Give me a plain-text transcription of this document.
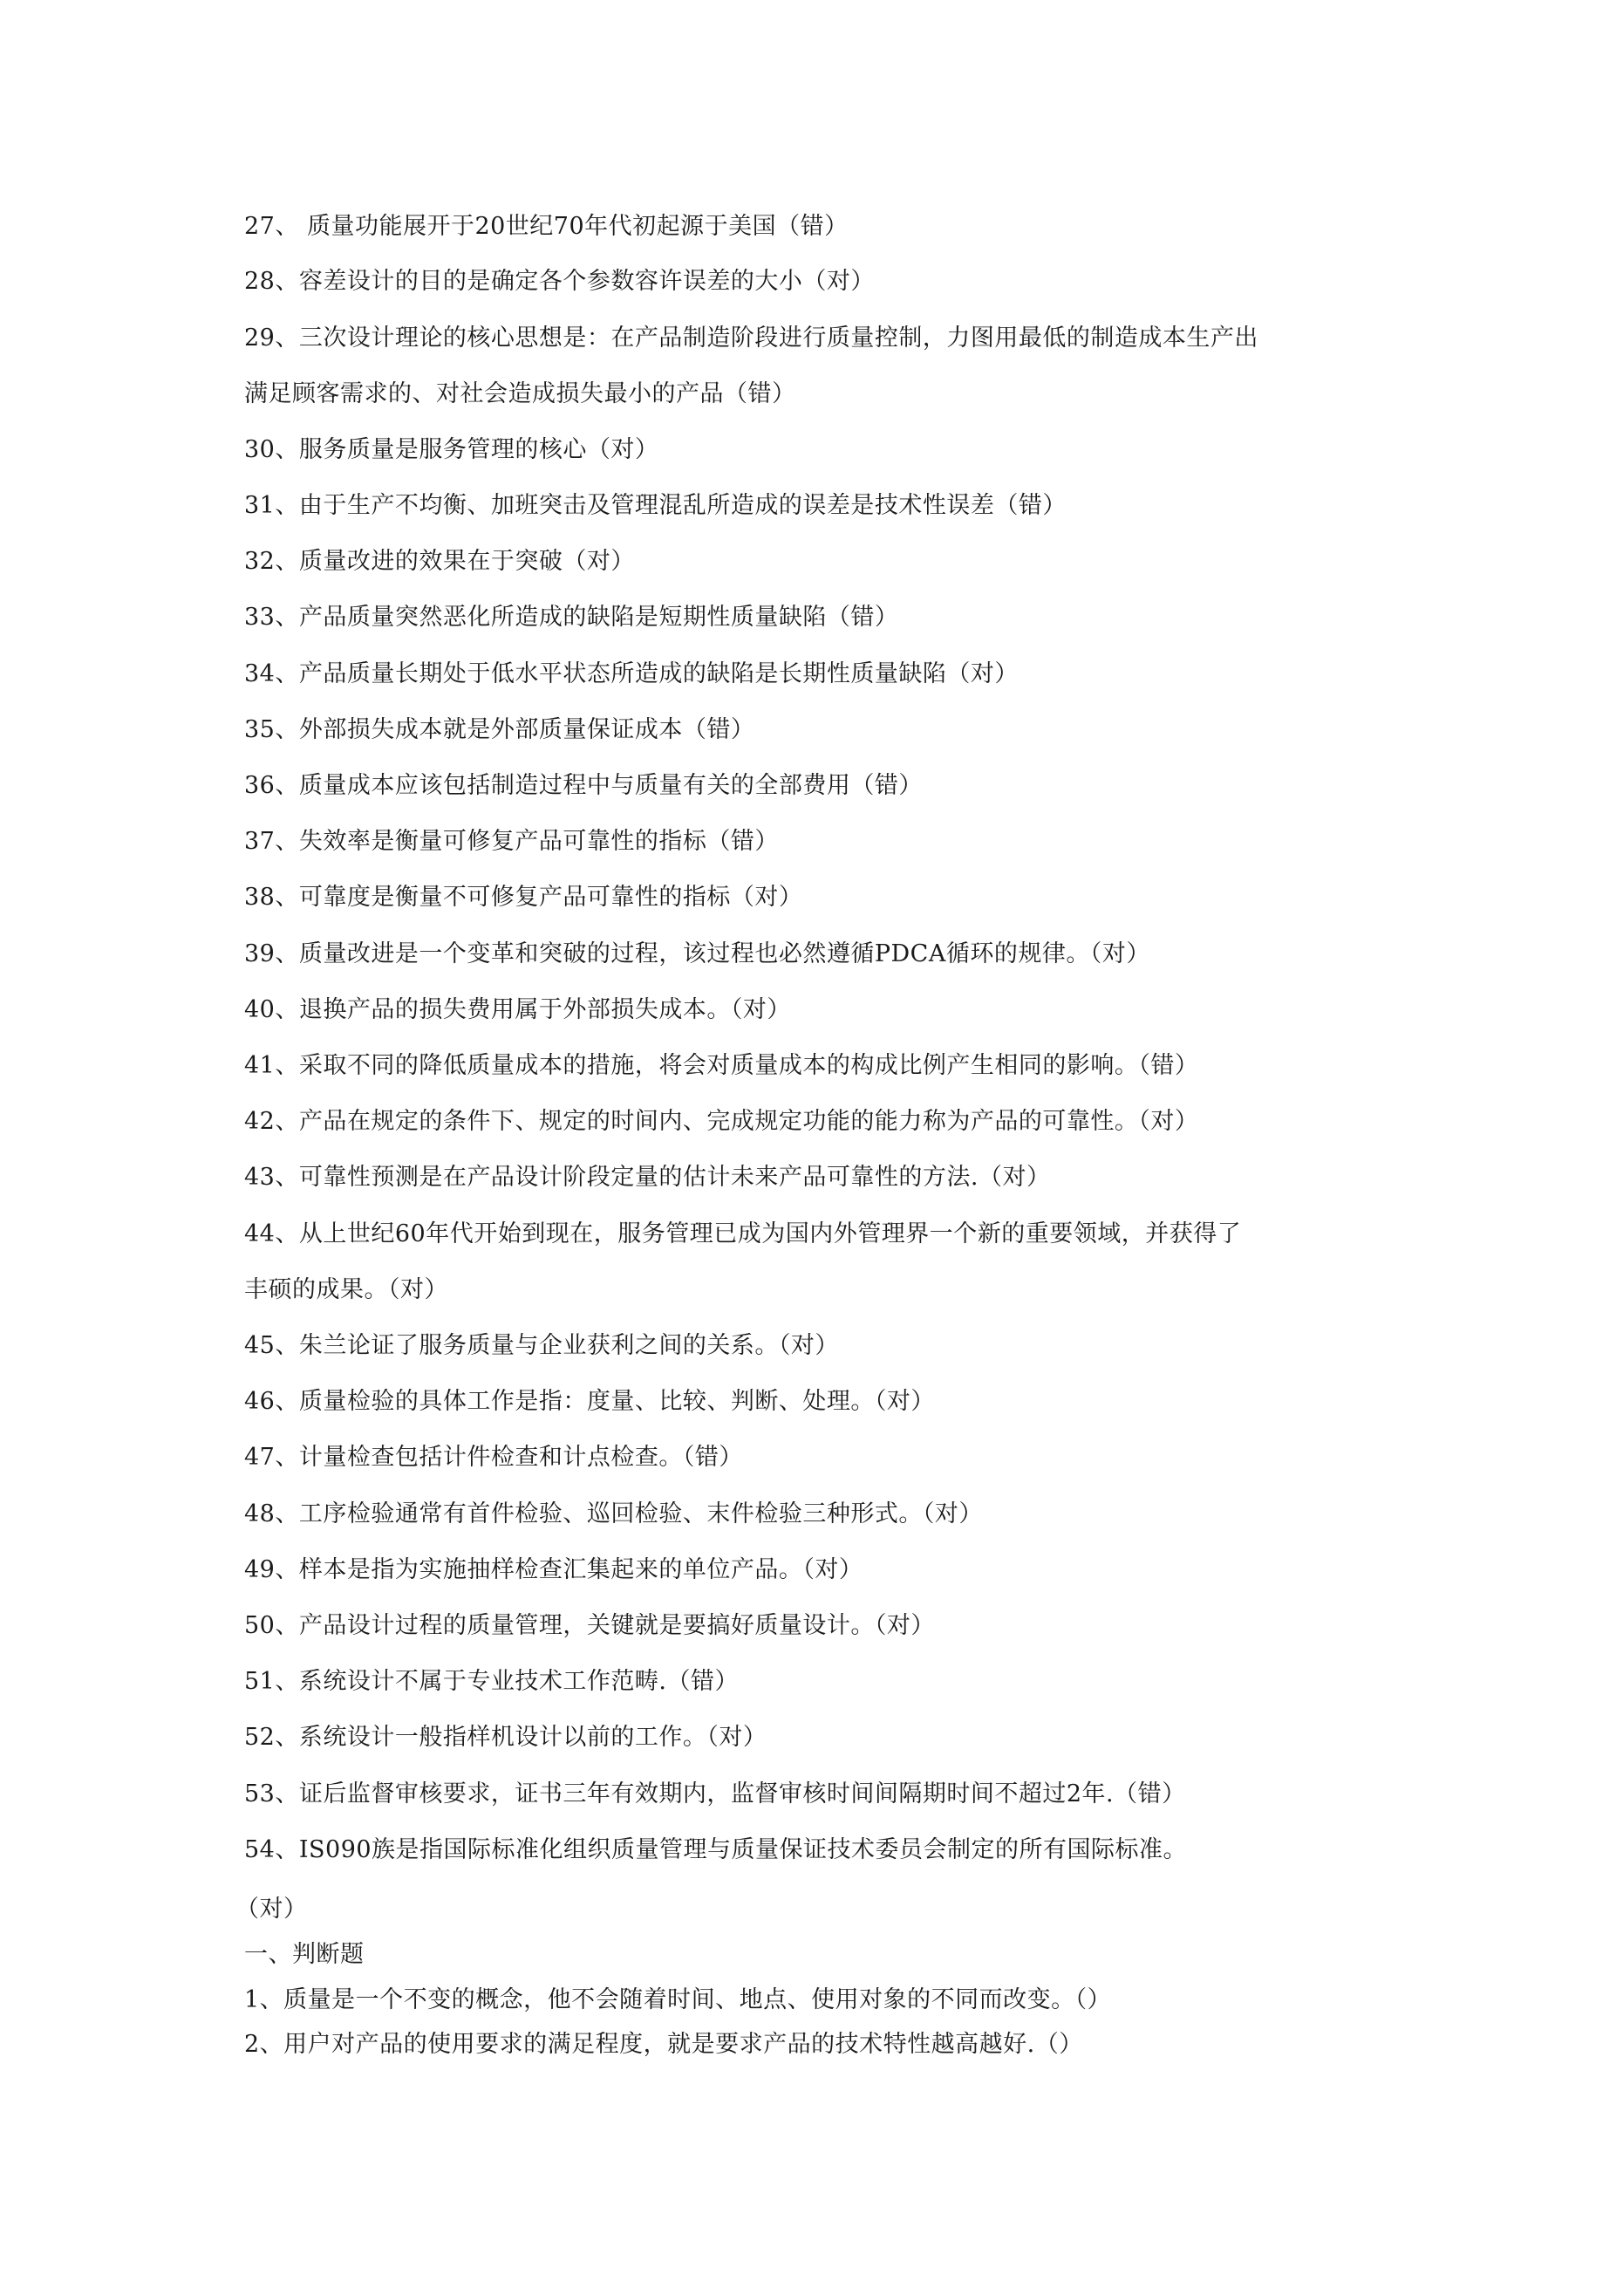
27、 质量功能展开于20世纪70年代初起源于美国（错）
28、容差设计的目的是确定各个参数容许误差的大小（对）
29、三次设计理论的核心思想是：在产品制造阶段进行质量控制，力图用最低的制造成本生产出
满足顾客需求的、对社会造成损失最小的产品（错）
30、服务质量是服务管理的核心（对）
31、由于生产不均衡、加班突击及管理混乱所造成的误差是技术性误差（错）
32、质量改进的效果在于突破（对）
33、产品质量突然恶化所造成的缺陷是短期性质量缺陷（错）
34、产品质量长期处于低水平状态所造成的缺陷是长期性质量缺陷（对）
35、外部损失成本就是外部质量保证成本（错）
36、质量成本应该包括制造过程中与质量有关的全部费用（错）
37、失效率是衡量可修复产品可靠性的指标（错）
38、可靠度是衡量不可修复产品可靠性的指标（对）
39、质量改进是一个变革和突破的过程，该过程也必然遵循PDCA循环的规律。（对）
40、退换产品的损失费用属于外部损失成本。（对）
41、采取不同的降低质量成本的措施，将会对质量成本的构成比例产生相同的影响。（错）
42、产品在规定的条件下、规定的时间内、完成规定功能的能力称为产品的可靠性。（对）
43、可靠性预测是在产品设计阶段定量的估计未来产品可靠性的方法.（对）
44、从上世纪60年代开始到现在，服务管理已成为国内外管理界一个新的重要领域，并获得了
丰硕的成果。（对）
45、朱兰论证了服务质量与企业获利之间的关系。（对）
46、质量检验的具体工作是指：度量、比较、判断、处理。（对）
47、计量检查包括计件检查和计点检查。（错）
48、工序检验通常有首件检验、巡回检验、末件检验三种形式。（对）
49、样本是指为实施抽样检查汇集起来的单位产品。（对）
50、产品设计过程的质量管理，关键就是要搞好质量设计。（对）
51、系统设计不属于专业技术工作范畴.（错）
52、系统设计一般指样机设计以前的工作。（对）
53、证后监督审核要求，证书三年有效期内，监督审核时间间隔期时间不超过2年.（错）
54、IS090族是指国际标准化组织质量管理与质量保证技术委员会制定的所有国际标准。
（对）
一、判断题
1、质量是一个不变的概念，他不会随着时间、地点、使用对象的不同而改变。（）
2、用户对产品的使用要求的满足程度，就是要求产品的技术特性越高越好.（）
